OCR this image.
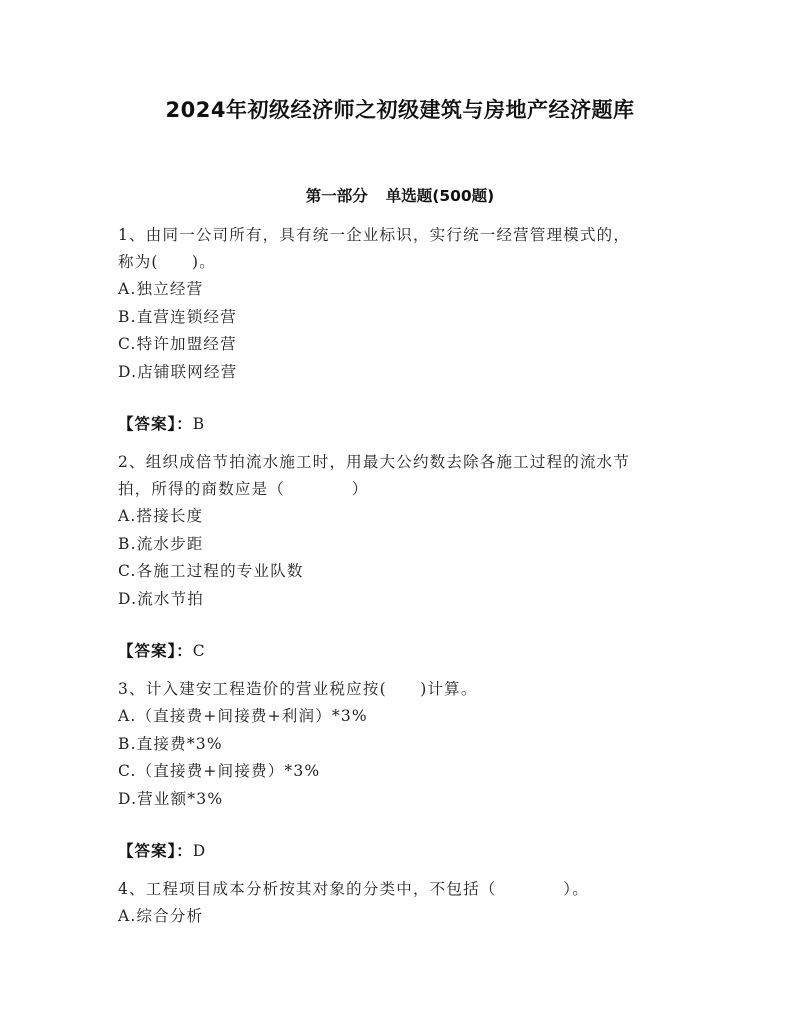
2024年初级经济师之初级建筑与房地产经济题库
第一部分 单选题(500题)

1、由同一公司所有，具有统一企业标识，实行统一经营管理模式的，

称为(　　)。

A.独立经营

B.直营连锁经营

C.特许加盟经营

D.店铺联网经营

【答案】：B

2、组织成倍节拍流水施工时，用最大公约数去除各施工过程的流水节

拍，所得的商数应是（　　　　）

A.搭接长度

B.流水步距

C.各施工过程的专业队数

D.流水节拍

【答案】：C

3、计入建安工程造价的营业税应按(　　)计算。

A.（直接费+间接费+利润）*3%

B.直接费*3%

C.（直接费+间接费）*3%

D.营业额*3%

【答案】：D

4、工程项目成本分析按其对象的分类中，不包括（　　　　）。

A.综合分析
